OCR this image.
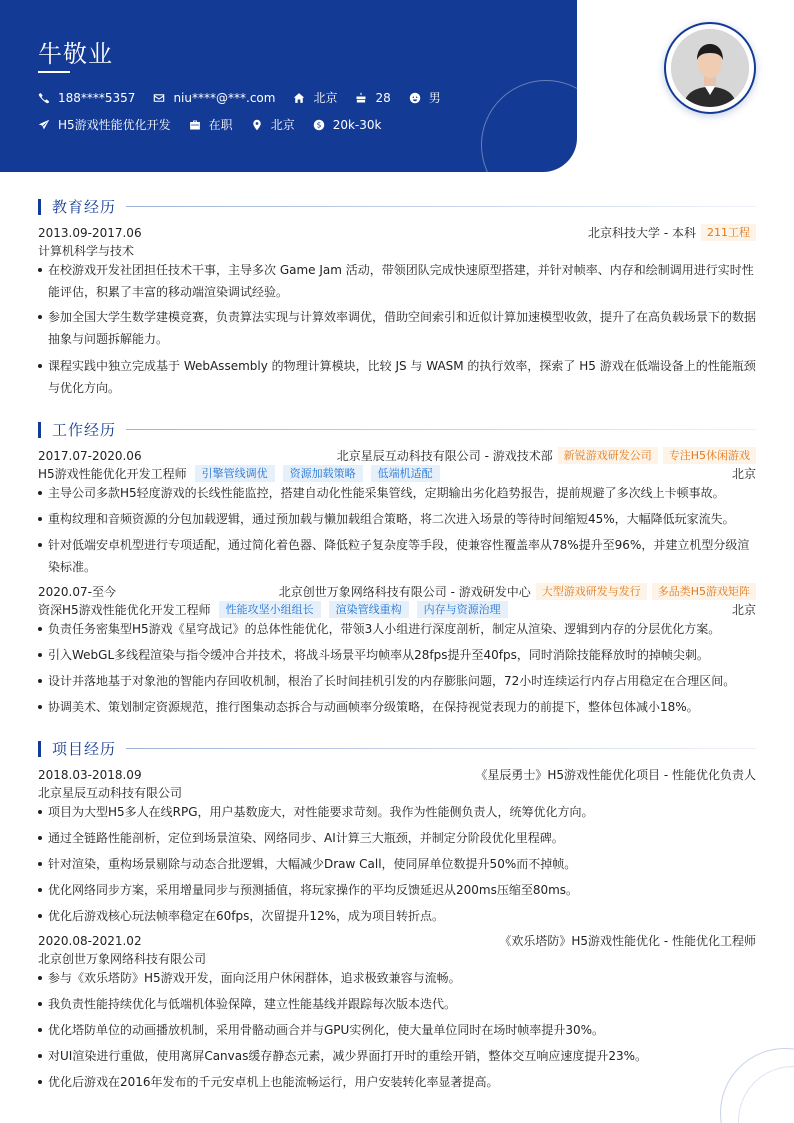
牛敬业
188****5357	niu****@***.com	北京	28	男
H5游戏性能优化开发	在职	北京 $ 20k-30k
教育经历
2013.09-2017.06	北京科技大学 - 本科	211工程
计算机科学与技术
在校游戏开发社团担任技术干事，主导多次 Game Jam 活动，带领团队完成快速原型搭建，并针对帧率、内存和绘制调用进行实时性能评估，积累了丰富的移动端渲染调试经验。
参加全国大学生数学建模竞赛，负责算法实现与计算效率调优，借助空间索引和近似计算加速模型收敛，提升了在高负载场景下的数据抽象与问题拆解能力。
课程实践中独立完成基于 WebAssembly 的物理计算模块，比较 JS 与 WASM 的执行效率，探索了 H5 游戏在低端设备上的性能瓶颈与优化方向。
工作经历
2017.07-2020.06	北京星辰互动科技有限公司 - 游戏技术部	新锐游戏研发公司	专注H5休闲游戏
H5游戏性能优化开发工程师	引擎管线调优	资源加载策略	低端机适配	北京
主导公司多款H5轻度游戏的长线性能监控，搭建自动化性能采集管线，定期输出劣化趋势报告，提前规避了多次线上卡顿事故。
重构纹理和音频资源的分包加载逻辑，通过预加载与懒加载组合策略，将二次进入场景的等待时间缩短45%，大幅降低玩家流失。
针对低端安卓机型进行专项适配，通过简化着色器、降低粒子复杂度等手段，使兼容性覆盖率从78%提升至96%，并建立机型分级渲染标准。
2020.07-至今	北京创世万象网络科技有限公司 - 游戏研发中心	大型游戏研发与发行	多品类H5游戏矩阵
资深H5游戏性能优化开发工程师	性能攻坚小组组长	渲染管线重构	内存与资源治理	北京
负责任务密集型H5游戏《星穹战记》的总体性能优化，带领3人小组进行深度剖析，制定从渲染、逻辑到内存的分层优化方案。
引入WebGL多线程渲染与指令缓冲合并技术，将战斗场景平均帧率从28fps提升至40fps，同时消除技能释放时的掉帧尖刺。
设计并落地基于对象池的智能内存回收机制，根治了长时间挂机引发的内存膨胀问题，72小时连续运行内存占用稳定在合理区间。
协调美术、策划制定资源规范，推行图集动态拆合与动画帧率分级策略，在保持视觉表现力的前提下，整体包体减小18%。
项目经历
2018.03-2018.09	《星辰勇士》H5游戏性能优化项目 - 性能优化负责人
北京星辰互动科技有限公司
项目为大型H5多人在线RPG，用户基数庞大，对性能要求苛刻。我作为性能侧负责人，统筹优化方向。
通过全链路性能剖析，定位到场景渲染、网络同步、AI计算三大瓶颈，并制定分阶段优化里程碑。
针对渲染，重构场景剔除与动态合批逻辑，大幅减少Draw Call，使同屏单位数提升50%而不掉帧。
优化网络同步方案，采用增量同步与预测插值，将玩家操作的平均反馈延迟从200ms压缩至80ms。
优化后游戏核心玩法帧率稳定在60fps，次留提升12%，成为项目转折点。
2020.08-2021.02	《欢乐塔防》H5游戏性能优化 - 性能优化工程师
北京创世万象网络科技有限公司
参与《欢乐塔防》H5游戏开发，面向泛用户休闲群体，追求极致兼容与流畅。
我负责性能持续优化与低端机体验保障，建立性能基线并跟踪每次版本迭代。
优化塔防单位的动画播放机制，采用骨骼动画合并与GPU实例化，使大量单位同时在场时帧率提升30%。
对UI渲染进行重做，使用离屏Canvas缓存静态元素，减少界面打开时的重绘开销，整体交互响应速度提升23%。
优化后游戏在2016年发布的千元安卓机上也能流畅运行，用户安装转化率显著提高。
